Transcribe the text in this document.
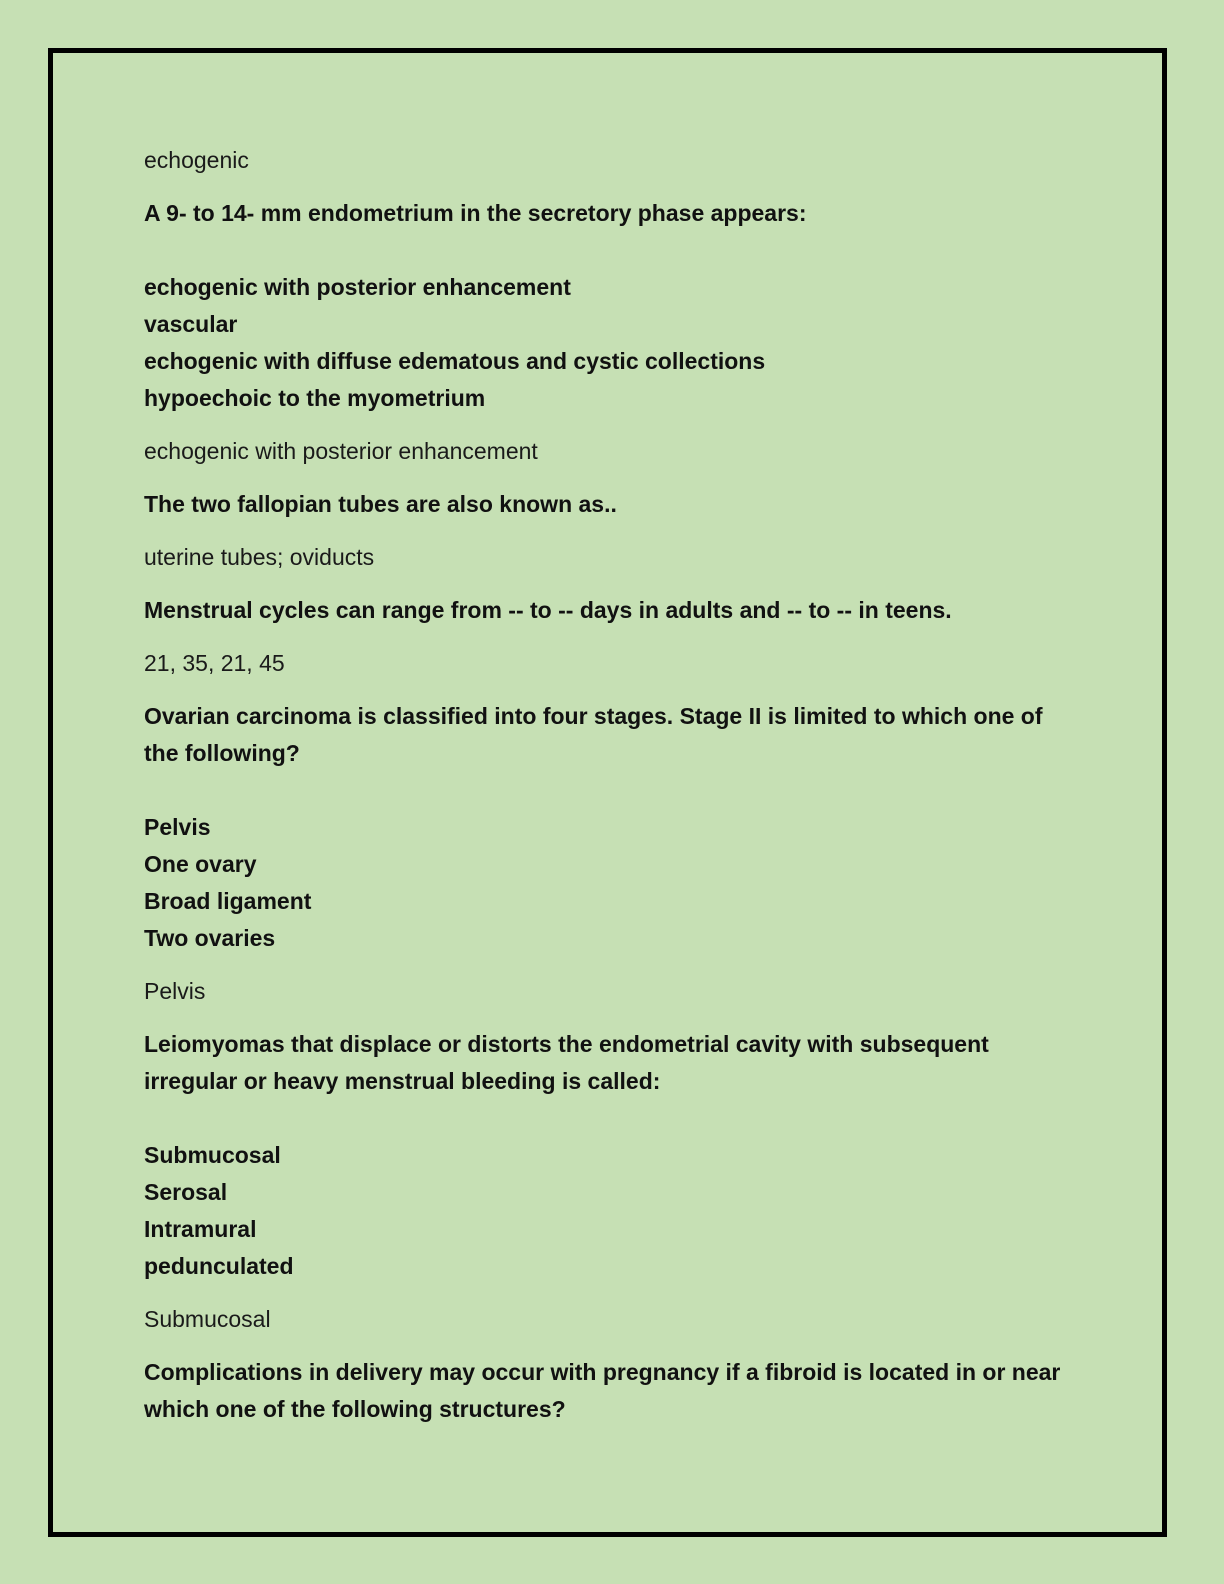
echogenic

A 9- to 14- mm endometrium in the secretory phase appears:
echogenic with posterior enhancement
vascular
echogenic with diffuse edematous and cystic collections
hypoechoic to the myometrium

echogenic with posterior enhancement

The two fallopian tubes are also known as..

uterine tubes; oviducts

Menstrual cycles can range from -- to -- days in adults and -- to -- in teens.

21, 35, 21, 45

Ovarian carcinoma is classified into four stages. Stage II is limited to which one of the following?
Pelvis
One ovary
Broad ligament
Two ovaries

Pelvis

Leiomyomas that displace or distorts the endometrial cavity with subsequent irregular or heavy menstrual bleeding is called:
Submucosal
Serosal
Intramural
pedunculated

Submucosal

Complications in delivery may occur with pregnancy if a fibroid is located in or near which one of the following structures?
